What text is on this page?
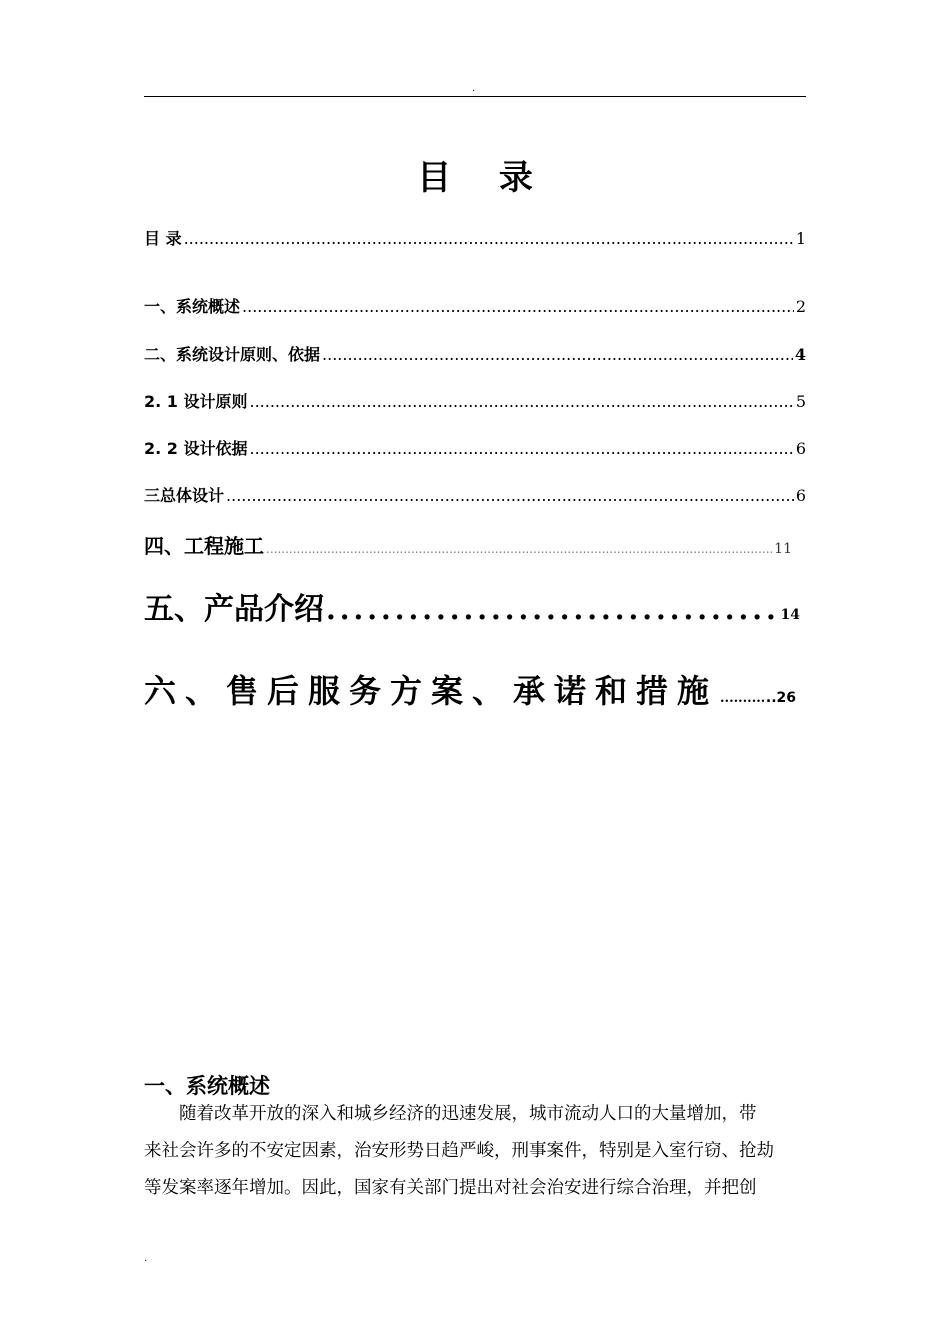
.
目 录
目 录 .....	1
一、系统概述 .....	2
二、系统设计原则、依据 .....	4
2. 1 设计原则 .....	5
2. 2 设计依据 .....	6
三总体设计 .....	6
四、工程施工 .....	11
五、产品介绍 .....	14
六、售后服务方案、承诺和措施 .....	..26
一、系统概述
随着改革开放的深入和城乡经济的迅速发展，城市流动人口的大量增加，带
来社会许多的不安定因素，治安形势日趋严峻，刑事案件，特别是入室行窃、抢劫
等发案率逐年增加。因此，国家有关部门提出对社会治安进行综合治理，并把创
.
